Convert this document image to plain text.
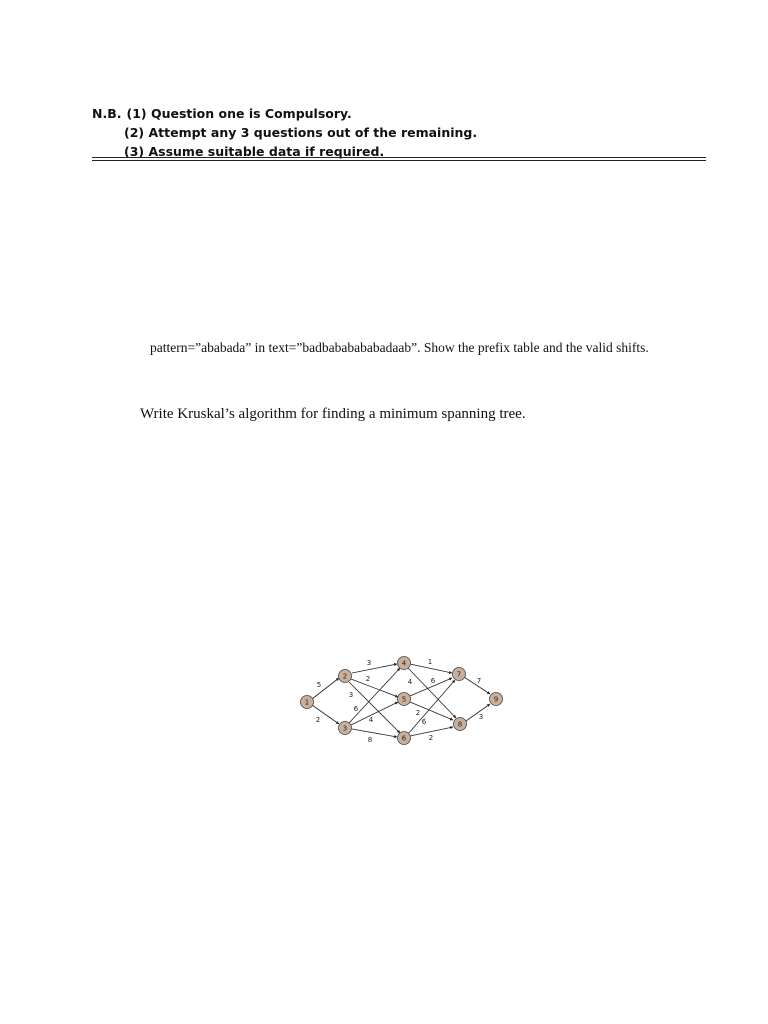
N.B. (1) Question one is Compulsory.
(2) Attempt any 3 questions out of the remaining.
(3) Assume suitable data if required.
pattern=”ababada” in text=”badbababababadaab”. Show the prefix table and the valid shifts.
Write Kruskal’s algorithm for finding a minimum spanning tree.
5
2
3
2
3
6
4
8
1
4	6
2
6
2
7
3
1
2
3
4
5
6
7
8
9
